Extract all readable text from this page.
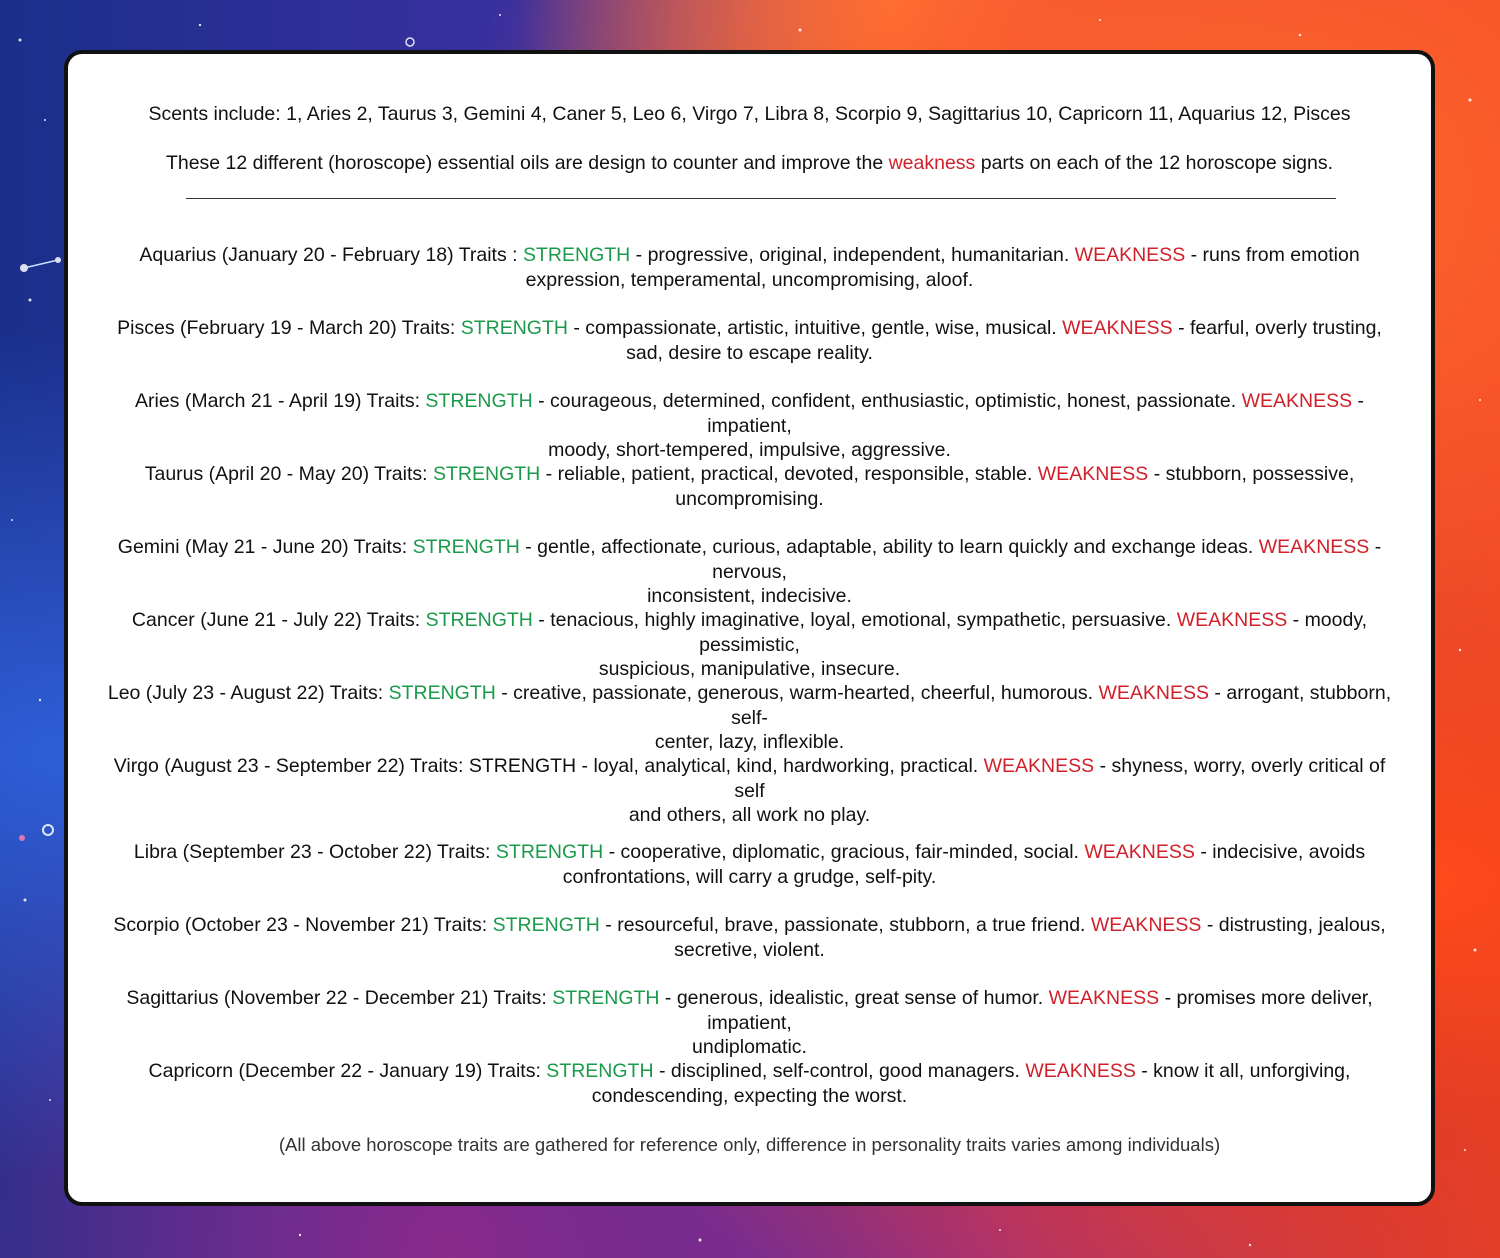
Scents include: 1, Aries 2, Taurus 3, Gemini 4, Caner 5, Leo 6, Virgo 7, Libra 8, Scorpio 9, Sagittarius 10, Capricorn 11, Aquarius 12, Pisces
These 12 different (horoscope) essential oils are design to counter and improve the weakness parts on each of the 12 horoscope signs.
Aquarius (January 20 - February 18) Traits : STRENGTH - progressive, original, independent, humanitarian. WEAKNESS - runs from emotion
expression, temperamental, uncompromising, aloof.
Pisces (February 19 - March 20) Traits: STRENGTH - compassionate, artistic, intuitive, gentle, wise, musical. WEAKNESS - fearful, overly trusting,
sad, desire to escape reality.
Aries (March 21 - April 19) Traits: STRENGTH - courageous, determined, confident, enthusiastic, optimistic, honest, passionate. WEAKNESS - impatient,
moody, short-tempered, impulsive, aggressive.
Taurus (April 20 - May 20) Traits: STRENGTH - reliable, patient, practical, devoted, responsible, stable. WEAKNESS - stubborn, possessive,
uncompromising.
Gemini (May 21 - June 20) Traits: STRENGTH - gentle, affectionate, curious, adaptable, ability to learn quickly and exchange ideas. WEAKNESS - nervous,
inconsistent, indecisive.
Cancer (June 21 - July 22) Traits: STRENGTH - tenacious, highly imaginative, loyal, emotional, sympathetic, persuasive. WEAKNESS - moody, pessimistic,
suspicious, manipulative, insecure.
Leo (July 23 - August 22) Traits: STRENGTH - creative, passionate, generous, warm-hearted, cheerful, humorous. WEAKNESS - arrogant, stubborn, self-
center, lazy, inflexible.
Virgo (August 23 - September 22) Traits: STRENGTH - loyal, analytical, kind, hardworking, practical. WEAKNESS - shyness, worry, overly critical of self
and others, all work no play.
Libra (September 23 - October 22) Traits: STRENGTH - cooperative, diplomatic, gracious, fair-minded, social. WEAKNESS - indecisive, avoids
confrontations, will carry a grudge, self-pity.
Scorpio (October 23 - November 21) Traits: STRENGTH - resourceful, brave, passionate, stubborn, a true friend. WEAKNESS - distrusting, jealous,
secretive, violent.
Sagittarius (November 22 - December 21) Traits: STRENGTH - generous, idealistic, great sense of humor. WEAKNESS - promises more deliver, impatient,
undiplomatic.
Capricorn (December 22 - January 19) Traits: STRENGTH - disciplined, self-control, good managers. WEAKNESS - know it all, unforgiving,
condescending, expecting the worst.
(All above horoscope traits are gathered for reference only, difference in personality traits varies among individuals)
